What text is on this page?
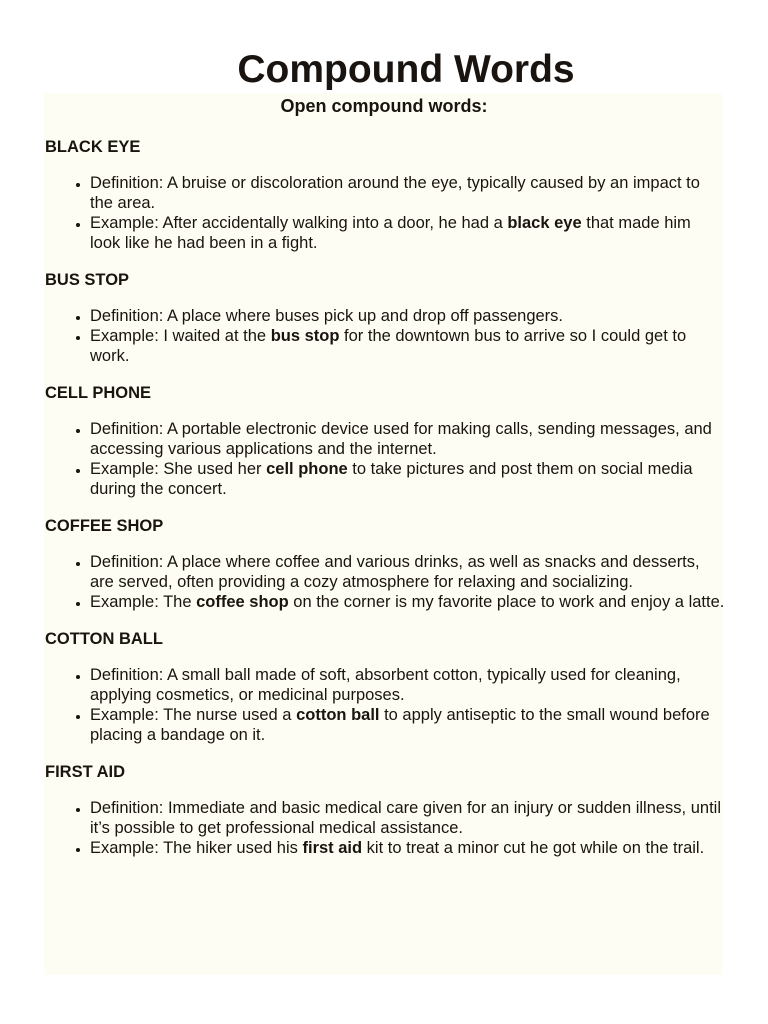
Compound Words
Open compound words:

BLACK EYE

• Definition: A bruise or discoloration around the eye, typically caused by an impact to the area.
• Example: After accidentally walking into a door, he had a black eye that made him look like he had been in a fight.

BUS STOP

• Definition: A place where buses pick up and drop off passengers.
• Example: I waited at the bus stop for the downtown bus to arrive so I could get to work.

CELL PHONE

• Definition: A portable electronic device used for making calls, sending messages, and accessing various applications and the internet.
• Example: She used her cell phone to take pictures and post them on social media during the concert.

COFFEE SHOP

• Definition: A place where coffee and various drinks, as well as snacks and desserts, are served, often providing a cozy atmosphere for relaxing and socializing.
• Example: The coffee shop on the corner is my favorite place to work and enjoy a latte.

COTTON BALL

• Definition: A small ball made of soft, absorbent cotton, typically used for cleaning, applying cosmetics, or medicinal purposes.
• Example: The nurse used a cotton ball to apply antiseptic to the small wound before placing a bandage on it.

FIRST AID

• Definition: Immediate and basic medical care given for an injury or sudden illness, until it’s possible to get professional medical assistance.
• Example: The hiker used his first aid kit to treat a minor cut he got while on the trail.
